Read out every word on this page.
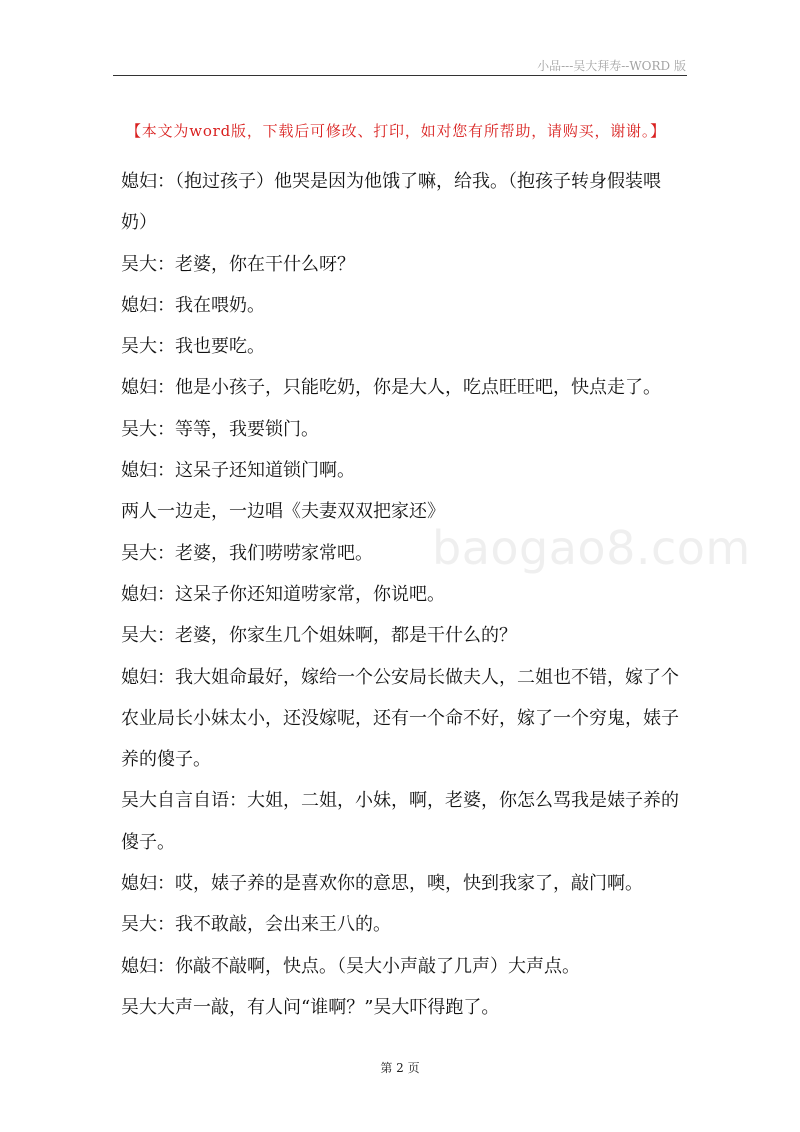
小品---吴大拜寿--WORD 版
【本文为word版，下载后可修改、打印，如对您有所帮助，请购买，谢谢。】
baogao8.com

媳妇：（抱过孩子）他哭是因为他饿了嘛，给我。（抱孩子转身假装喂奶）

吴大：老婆，你在干什么呀？

媳妇：我在喂奶。

吴大：我也要吃。

媳妇：他是小孩子，只能吃奶，你是大人，吃点旺旺吧，快点走了。

吴大：等等，我要锁门。

媳妇：这呆子还知道锁门啊。

两人一边走，一边唱《夫妻双双把家还》

吴大：老婆，我们唠唠家常吧。

媳妇：这呆子你还知道唠家常，你说吧。

吴大：老婆，你家生几个姐妹啊，都是干什么的？

媳妇：我大姐命最好，嫁给一个公安局长做夫人，二姐也不错，嫁了个农业局长小妹太小，还没嫁呢，还有一个命不好，嫁了一个穷鬼，婊子养的傻子。

吴大自言自语：大姐，二姐，小妹，啊，老婆，你怎么骂我是婊子养的傻子。

媳妇：哎，婊子养的是喜欢你的意思，噢，快到我家了，敲门啊。

吴大：我不敢敲，会出来王八的。

媳妇：你敲不敲啊，快点。（吴大小声敲了几声）大声点。

吴大大声一敲，有人问“谁啊？”吴大吓得跑了。

第 2 页
